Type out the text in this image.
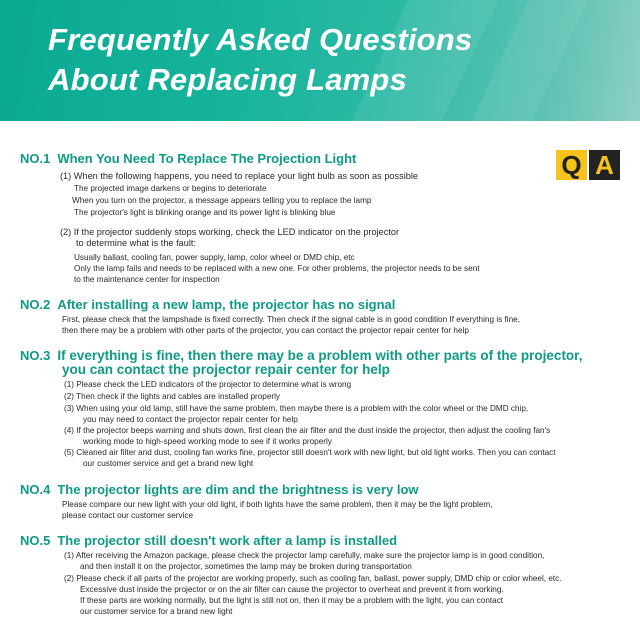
Frequently Asked Questions
About Replacing Lamps
Q A
NO.1 When You Need To Replace The Projection Light

(1) When the following happens, you need to replace your light bulb as soon as possible

The projected image darkens or begins to deteriorate

When you turn on the projector, a message appears telling you to replace the lamp

The projector's light is blinking orange and its power light is blinking blue

(2) If the projector suddenly stops working, check the LED indicator on the projector

to determine what is the fault:

Usually ballast, cooling fan, power supply, lamp, color wheel or DMD chip, etc

Only the lamp fails and needs to be replaced with a new one. For other problems, the projector needs to be sent

to the maintenance center for inspection

NO.2 After installing a new lamp, the projector has no signal

First, please check that the lampshade is fixed correctly. Then check if the signal cable is in good condition If everything is fine,

then there may be a problem with other parts of the projector, you can contact the projector repair center for help

NO.3 If everything is fine, then there may be a problem with other parts of the projector,
you can contact the projector repair center for help

(1) Please check the LED indicators of the projector to determine what is wrong

(2) Then check if the lights and cables are installed properly

(3) When using your old lamp, still have the same problem, then maybe there is a problem with the color wheel or the DMD chip,

you may need to contact the projector repair center for help

(4) If the projector beeps warning and shuts down, first clean the air filter and the dust inside the projector, then adjust the cooling fan's

working mode to high-speed working mode to see if it works properly

(5) Cleaned air filter and dust, cooling fan works fine, projector still doesn't work with new light, but old light works. Then you can contact

our customer service and get a brand new light

NO.4 The projector lights are dim and the brightness is very low

Please compare our new light with your old light, if both lights have the same problem, then it may be the light problem,

please contact our customer service

NO.5 The projector still doesn't work after a lamp is installed

(1) After receiving the Amazon package, please check the projector lamp carefully, make sure the projector lamp is in good condition,

and then install it on the projector, sometimes the lamp may be broken during transportation

(2) Please check if all parts of the projector are working properly, such as cooling fan, ballast, power supply, DMD chip or color wheel, etc.

Excessive dust inside the projector or on the air filter can cause the projector to overheat and prevent it from working.

If these parts are working normally, but the light is still not on, then it may be a problem with the light, you can contact

our customer service for a brand new light
